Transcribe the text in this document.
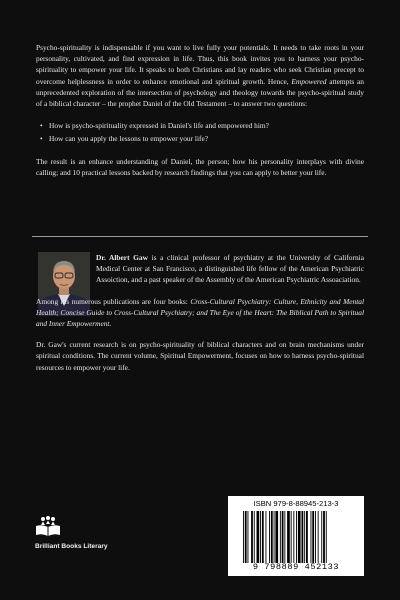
Psycho-spirituality is indispensable if you want to live fully your potentials. It needs to take roots in your personality, cultivated, and find expression in life. Thus, this book invites you to harness your psycho-spirituality to empower your life. It speaks to both Christians and lay readers who seek Christian precept to overcome helplessness in order to enhance emotional and spiritual growth. Hence, Empowered attempts an unprecedented exploration of the intersection of psychology and theology towards the psycho-spiritual study of a biblical character – the prophet Daniel of the Old Testament – to answer two questions:

• How is psycho-spirituality expressed in Daniel's life and empowered him?
• How can you apply the lessons to empower your life?

The result is an enhance understanding of Daniel, the person; how his personality interplays with divine calling; and 10 practical lessons backed by research findings that you can apply to better your life.

Dr. Albert Gaw is a clinical professor of psychiatry at the University of California Medical Center at San Francisco, a distinguished life fellow of the American Psychiatric Assoiction, and a past speaker of the Assembly of the American Psychiatric Assoaciation.

Among his numerous publications are four books: Cross-Cultural Psychiatry: Culture, Ethnicity and Mental Health; Concise Guide to Cross-Cultural Psychiatry; and The Eye of the Heart: The Biblical Path to Spiritual and Inner Empowerment.

Dr. Gaw's current research is on psycho-spirituality of biblical characters and on brain mechanisms under spiritual conditions. The current volume, Spiritual Empowerment, focuses on how to harness psycho-spiritual resources to empower your life.

Brilliant Books Literary
ISBN 979-8-88945-213-3
9 798889 452133
